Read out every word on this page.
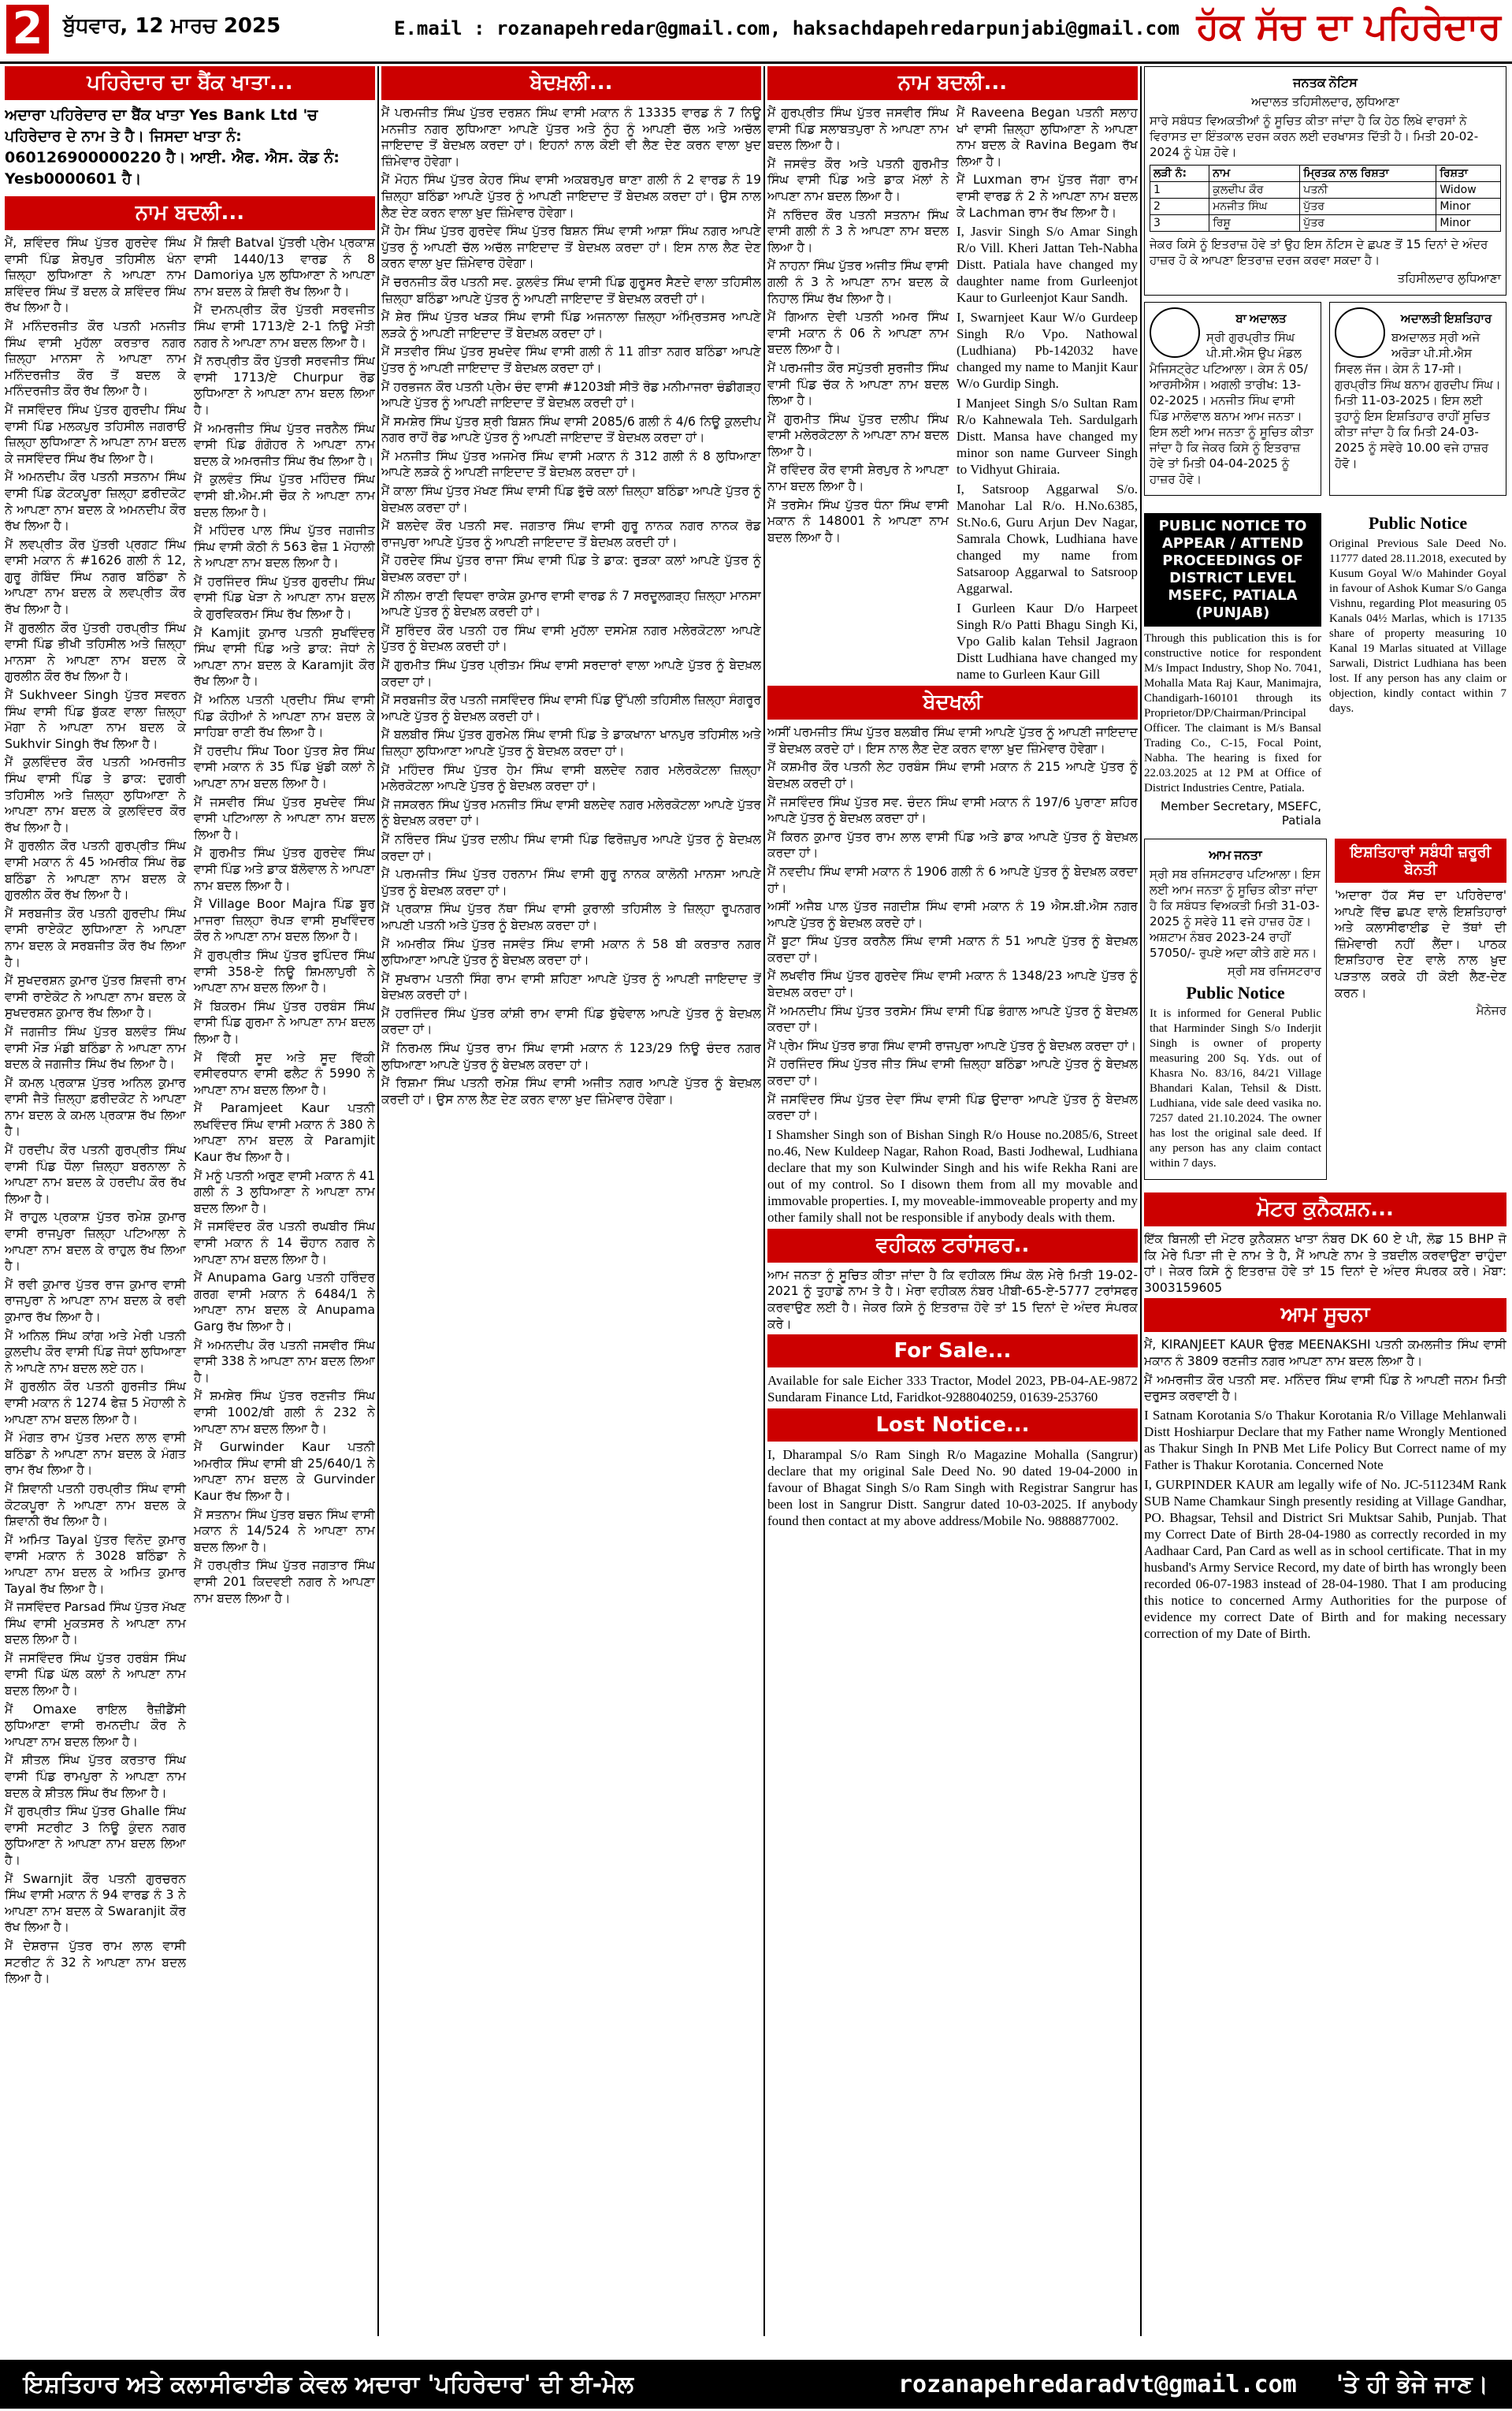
2 ਬੁੱਧਵਾਰ, 12 ਮਾਰਚ 2025	E.mail : rozanapehredar@gmail.com, haksachdapehredarpunjabi@gmail.com ਹੱਕ ਸੱਚ ਦਾ ਪਹਿਰੇਦਾਰ
ਪਹਿਰੇਦਾਰ ਦਾ ਬੈਂਕ ਖਾਤਾ...
ਅਦਾਰਾ ਪਹਿਰੇਦਾਰ ਦਾ ਬੈਂਕ ਖਾਤਾ Yes Bank Ltd 'ਚ ਪਹਿਰੇਦਾਰ ਦੇ ਨਾਮ ਤੇ ਹੈ। ਜਿਸਦਾ ਖਾਤਾ ਨੰ: 060126900000220 ਹੈ। ਆਈ. ਐਫ. ਐਸ. ਕੋਡ ਨੰ: Yesb0000601 ਹੈ।
ਨਾਮ ਬਦਲੀ...
ਮੈਂ, ਸ਼ਵਿੰਦਰ ਸਿੰਘ ਪੁੱਤਰ ਗੁਰਦੇਵ ਸਿੰਘ ਵਾਸੀ ਪਿੰਡ ਸ਼ੇਰਪੁਰ ਤਹਿਸੀਲ ਖੰਨਾ ਜ਼ਿਲ੍ਹਾ ਲੁਧਿਆਣਾ ਨੇ ਆਪਣਾ ਨਾਮ ਸ਼ਵਿੰਦਰ ਸਿੰਘ ਤੋਂ ਬਦਲ ਕੇ ਸ਼ਵਿੰਦਰ ਸਿੰਘ ਰੱਖ ਲਿਆ ਹੈ।
ਮੈਂ ਮਨਿੰਦਰਜੀਤ ਕੌਰ ਪਤਨੀ ਮਨਜੀਤ ਸਿੰਘ ਵਾਸੀ ਮੁਹੱਲਾ ਕਰਤਾਰ ਨਗਰ ਜ਼ਿਲ੍ਹਾ ਮਾਨਸਾ ਨੇ ਆਪਣਾ ਨਾਮ ਮਨਿੰਦਰਜੀਤ ਕੌਰ ਤੋਂ ਬਦਲ ਕੇ ਮਨਿੰਦਰਜੀਤ ਕੌਰ ਰੱਖ ਲਿਆ ਹੈ।
ਮੈਂ ਜਸਵਿੰਦਰ ਸਿੰਘ ਪੁੱਤਰ ਗੁਰਦੀਪ ਸਿੰਘ ਵਾਸੀ ਪਿੰਡ ਮਲਕਪੁਰ ਤਹਿਸੀਲ ਜਗਰਾਓਂ ਜ਼ਿਲ੍ਹਾ ਲੁਧਿਆਣਾ ਨੇ ਆਪਣਾ ਨਾਮ ਬਦਲ ਕੇ ਜਸਵਿੰਦਰ ਸਿੰਘ ਰੱਖ ਲਿਆ ਹੈ।
ਮੈਂ ਅਮਨਦੀਪ ਕੌਰ ਪਤਨੀ ਸਤਨਾਮ ਸਿੰਘ ਵਾਸੀ ਪਿੰਡ ਕੋਟਕਪੂਰਾ ਜ਼ਿਲ੍ਹਾ ਫ਼ਰੀਦਕੋਟ ਨੇ ਆਪਣਾ ਨਾਮ ਬਦਲ ਕੇ ਅਮਨਦੀਪ ਕੌਰ ਰੱਖ ਲਿਆ ਹੈ।
ਮੈਂ ਲਵਪ੍ਰੀਤ ਕੌਰ ਪੁੱਤਰੀ ਪ੍ਰਗਟ ਸਿੰਘ ਵਾਸੀ ਮਕਾਨ ਨੰ #1626 ਗਲੀ ਨੰ 12, ਗੁਰੂ ਗੋਬਿੰਦ ਸਿੰਘ ਨਗਰ ਬਠਿੰਡਾ ਨੇ ਆਪਣਾ ਨਾਮ ਬਦਲ ਕੇ ਲਵਪ੍ਰੀਤ ਕੌਰ ਰੱਖ ਲਿਆ ਹੈ।
ਮੈਂ ਗੁਰਲੀਨ ਕੌਰ ਪੁੱਤਰੀ ਹਰਪ੍ਰੀਤ ਸਿੰਘ ਵਾਸੀ ਪਿੰਡ ਭੀਖੀ ਤਹਿਸੀਲ ਅਤੇ ਜ਼ਿਲ੍ਹਾ ਮਾਨਸਾ ਨੇ ਆਪਣਾ ਨਾਮ ਬਦਲ ਕੇ ਗੁਰਲੀਨ ਕੌਰ ਰੱਖ ਲਿਆ ਹੈ।
ਮੈਂ Sukhveer Singh ਪੁੱਤਰ ਸਵਰਨ ਸਿੰਘ ਵਾਸੀ ਪਿੰਡ ਬੁੱਕਣ ਵਾਲਾ ਜ਼ਿਲ੍ਹਾ ਮੋਗਾ ਨੇ ਆਪਣਾ ਨਾਮ ਬਦਲ ਕੇ Sukhvir Singh ਰੱਖ ਲਿਆ ਹੈ।
ਮੈਂ ਕੁਲਵਿੰਦਰ ਕੌਰ ਪਤਨੀ ਅਮਰਜੀਤ ਸਿੰਘ ਵਾਸੀ ਪਿੰਡ ਤੇ ਡਾਕ: ਦੁਗਰੀ ਤਹਿਸੀਲ ਅਤੇ ਜ਼ਿਲ੍ਹਾ ਲੁਧਿਆਣਾ ਨੇ ਆਪਣਾ ਨਾਮ ਬਦਲ ਕੇ ਕੁਲਵਿੰਦਰ ਕੌਰ ਰੱਖ ਲਿਆ ਹੈ।
ਮੈਂ ਗੁਰਲੀਨ ਕੌਰ ਪਤਨੀ ਗੁਰਪ੍ਰੀਤ ਸਿੰਘ ਵਾਸੀ ਮਕਾਨ ਨੰ 45 ਅਮਰੀਕ ਸਿੰਘ ਰੋਡ ਬਠਿੰਡਾ ਨੇ ਆਪਣਾ ਨਾਮ ਬਦਲ ਕੇ ਗੁਰਲੀਨ ਕੌਰ ਰੱਖ ਲਿਆ ਹੈ।
ਮੈਂ ਸਰਬਜੀਤ ਕੌਰ ਪਤਨੀ ਗੁਰਦੀਪ ਸਿੰਘ ਵਾਸੀ ਰਾਏਕੋਟ ਲੁਧਿਆਣਾ ਨੇ ਆਪਣਾ ਨਾਮ ਬਦਲ ਕੇ ਸਰਬਜੀਤ ਕੌਰ ਰੱਖ ਲਿਆ ਹੈ।
ਮੈਂ ਸੁਖਦਰਸ਼ਨ ਕੁਮਾਰ ਪੁੱਤਰ ਸ਼ਿਵਜੀ ਰਾਮ ਵਾਸੀ ਰਾਏਕੋਟ ਨੇ ਆਪਣਾ ਨਾਮ ਬਦਲ ਕੇ ਸੁਖਦਰਸ਼ਨ ਕੁਮਾਰ ਰੱਖ ਲਿਆ ਹੈ।
ਮੈਂ ਜਗਜੀਤ ਸਿੰਘ ਪੁੱਤਰ ਬਲਵੰਤ ਸਿੰਘ ਵਾਸੀ ਮੌੜ ਮੰਡੀ ਬਠਿੰਡਾ ਨੇ ਆਪਣਾ ਨਾਮ ਬਦਲ ਕੇ ਜਗਜੀਤ ਸਿੰਘ ਰੱਖ ਲਿਆ ਹੈ।
ਮੈਂ ਕਮਲ ਪ੍ਰਕਾਸ਼ ਪੁੱਤਰ ਅਨਿਲ ਕੁਮਾਰ ਵਾਸੀ ਜੈਤੋ ਜ਼ਿਲ੍ਹਾ ਫ਼ਰੀਦਕੋਟ ਨੇ ਆਪਣਾ ਨਾਮ ਬਦਲ ਕੇ ਕਮਲ ਪ੍ਰਕਾਸ਼ ਰੱਖ ਲਿਆ ਹੈ।
ਮੈਂ ਹਰਦੀਪ ਕੌਰ ਪਤਨੀ ਗੁਰਪ੍ਰੀਤ ਸਿੰਘ ਵਾਸੀ ਪਿੰਡ ਧੌਲਾ ਜ਼ਿਲ੍ਹਾ ਬਰਨਾਲਾ ਨੇ ਆਪਣਾ ਨਾਮ ਬਦਲ ਕੇ ਹਰਦੀਪ ਕੌਰ ਰੱਖ ਲਿਆ ਹੈ।
ਮੈਂ ਰਾਹੁਲ ਪ੍ਰਕਾਸ਼ ਪੁੱਤਰ ਰਮੇਸ਼ ਕੁਮਾਰ ਵਾਸੀ ਰਾਜਪੁਰਾ ਜ਼ਿਲ੍ਹਾ ਪਟਿਆਲਾ ਨੇ ਆਪਣਾ ਨਾਮ ਬਦਲ ਕੇ ਰਾਹੁਲ ਰੱਖ ਲਿਆ ਹੈ।
ਮੈਂ ਰਵੀ ਕੁਮਾਰ ਪੁੱਤਰ ਰਾਜ ਕੁਮਾਰ ਵਾਸੀ ਰਾਜਪੁਰਾ ਨੇ ਆਪਣਾ ਨਾਮ ਬਦਲ ਕੇ ਰਵੀ ਕੁਮਾਰ ਰੱਖ ਲਿਆ ਹੈ।
ਮੈਂ ਅਨਿਲ ਸਿੰਘ ਕਾਂਗ ਅਤੇ ਮੇਰੀ ਪਤਨੀ ਕੁਲਦੀਪ ਕੌਰ ਵਾਸੀ ਪਿੰਡ ਜੋਧਾਂ ਲੁਧਿਆਣਾ ਨੇ ਆਪਣੇ ਨਾਮ ਬਦਲ ਲਏ ਹਨ।
ਮੈਂ ਗੁਰਲੀਨ ਕੌਰ ਪਤਨੀ ਗੁਰਜੀਤ ਸਿੰਘ ਵਾਸੀ ਮਕਾਨ ਨੰ 1274 ਫੇਜ਼ 5 ਮੋਹਾਲੀ ਨੇ ਆਪਣਾ ਨਾਮ ਬਦਲ ਲਿਆ ਹੈ।
ਮੈਂ ਮੰਗਤ ਰਾਮ ਪੁੱਤਰ ਮਦਨ ਲਾਲ ਵਾਸੀ ਬਠਿੰਡਾ ਨੇ ਆਪਣਾ ਨਾਮ ਬਦਲ ਕੇ ਮੰਗਤ ਰਾਮ ਰੱਖ ਲਿਆ ਹੈ।
ਮੈਂ ਸ਼ਿਵਾਨੀ ਪਤਨੀ ਹਰਪ੍ਰੀਤ ਸਿੰਘ ਵਾਸੀ ਕੋਟਕਪੂਰਾ ਨੇ ਆਪਣਾ ਨਾਮ ਬਦਲ ਕੇ ਸ਼ਿਵਾਨੀ ਰੱਖ ਲਿਆ ਹੈ।
ਮੈਂ ਅਮਿਤ Tayal ਪੁੱਤਰ ਵਿਨੋਦ ਕੁਮਾਰ ਵਾਸੀ ਮਕਾਨ ਨੰ 3028 ਬਠਿੰਡਾ ਨੇ ਆਪਣਾ ਨਾਮ ਬਦਲ ਕੇ ਅਮਿਤ ਕੁਮਾਰ Tayal ਰੱਖ ਲਿਆ ਹੈ।
ਮੈਂ ਜਸਵਿੰਦਰ Parsad ਸਿੰਘ ਪੁੱਤਰ ਮੱਖਣ ਸਿੰਘ ਵਾਸੀ ਮੁਕਤਸਰ ਨੇ ਆਪਣਾ ਨਾਮ ਬਦਲ ਲਿਆ ਹੈ।
ਮੈਂ ਜਸਵਿੰਦਰ ਸਿੰਘ ਪੁੱਤਰ ਹਰਬੰਸ ਸਿੰਘ ਵਾਸੀ ਪਿੰਡ ਘੱਲ ਕਲਾਂ ਨੇ ਆਪਣਾ ਨਾਮ ਬਦਲ ਲਿਆ ਹੈ।
ਮੈਂ Omaxe ਰਾਇਲ ਰੈਜ਼ੀਡੈਂਸੀ ਲੁਧਿਆਣਾ ਵਾਸੀ ਰਮਨਦੀਪ ਕੌਰ ਨੇ ਆਪਣਾ ਨਾਮ ਬਦਲ ਲਿਆ ਹੈ।
ਮੈਂ ਸ਼ੀਤਲ ਸਿੰਘ ਪੁੱਤਰ ਕਰਤਾਰ ਸਿੰਘ ਵਾਸੀ ਪਿੰਡ ਰਾਮਪੁਰਾ ਨੇ ਆਪਣਾ ਨਾਮ ਬਦਲ ਕੇ ਸ਼ੀਤਲ ਸਿੰਘ ਰੱਖ ਲਿਆ ਹੈ।
ਮੈਂ ਗੁਰਪ੍ਰੀਤ ਸਿੰਘ ਪੁੱਤਰ Ghalle ਸਿੰਘ ਵਾਸੀ ਸਟਰੀਟ 3 ਨਿਊ ਕੁੰਦਨ ਨਗਰ ਲੁਧਿਆਣਾ ਨੇ ਆਪਣਾ ਨਾਮ ਬਦਲ ਲਿਆ ਹੈ।
ਮੈਂ Swarnjit ਕੌਰ ਪਤਨੀ ਗੁਰਚਰਨ ਸਿੰਘ ਵਾਸੀ ਮਕਾਨ ਨੰ 94 ਵਾਰਡ ਨੰ 3 ਨੇ ਆਪਣਾ ਨਾਮ ਬਦਲ ਕੇ Swaranjit ਕੌਰ ਰੱਖ ਲਿਆ ਹੈ।
ਮੈਂ ਦੇਸ਼ਰਾਜ ਪੁੱਤਰ ਰਾਮ ਲਾਲ ਵਾਸੀ ਸਟਰੀਟ ਨੰ 32 ਨੇ ਆਪਣਾ ਨਾਮ ਬਦਲ ਲਿਆ ਹੈ।
ਮੈਂ ਸ਼ਿਵੀ Batval ਪੁੱਤਰੀ ਪ੍ਰੇਮ ਪ੍ਰਕਾਸ਼ ਵਾਸੀ 1440/13 ਵਾਰਡ ਨੰ 8 Damoriya ਪੁਲ ਲੁਧਿਆਣਾ ਨੇ ਆਪਣਾ ਨਾਮ ਬਦਲ ਕੇ ਸ਼ਿਵੀ ਰੱਖ ਲਿਆ ਹੈ।
ਮੈਂ ਦਮਨਪ੍ਰੀਤ ਕੌਰ ਪੁੱਤਰੀ ਸਰਵਜੀਤ ਸਿੰਘ ਵਾਸੀ 1713/ਏ 2-1 ਨਿਊ ਮੋਤੀ ਨਗਰ ਨੇ ਆਪਣਾ ਨਾਮ ਬਦਲ ਲਿਆ ਹੈ।
ਮੈਂ ਨਰਪ੍ਰੀਤ ਕੌਰ ਪੁੱਤਰੀ ਸਰਵਜੀਤ ਸਿੰਘ ਵਾਸੀ 1713/ਏ Churpur ਰੋਡ ਲੁਧਿਆਣਾ ਨੇ ਆਪਣਾ ਨਾਮ ਬਦਲ ਲਿਆ ਹੈ।
ਮੈਂ ਅਮਰਜੀਤ ਸਿੰਘ ਪੁੱਤਰ ਜਰਨੈਲ ਸਿੰਘ ਵਾਸੀ ਪਿੰਡ ਗੰਗੋਹਰ ਨੇ ਆਪਣਾ ਨਾਮ ਬਦਲ ਕੇ ਅਮਰਜੀਤ ਸਿੰਘ ਰੱਖ ਲਿਆ ਹੈ।
ਮੈਂ ਕੁਲਵੰਤ ਸਿੰਘ ਪੁੱਤਰ ਮਹਿੰਦਰ ਸਿੰਘ ਵਾਸੀ ਬੀ.ਐਮ.ਸੀ ਚੌਕ ਨੇ ਆਪਣਾ ਨਾਮ ਬਦਲ ਲਿਆ ਹੈ।
ਮੈਂ ਮਹਿੰਦਰ ਪਾਲ ਸਿੰਘ ਪੁੱਤਰ ਜਗਜੀਤ ਸਿੰਘ ਵਾਸੀ ਕੋਠੀ ਨੰ 563 ਫੇਜ਼ 1 ਮੋਹਾਲੀ ਨੇ ਆਪਣਾ ਨਾਮ ਬਦਲ ਲਿਆ ਹੈ।
ਮੈਂ ਹਰਜਿੰਦਰ ਸਿੰਘ ਪੁੱਤਰ ਗੁਰਦੀਪ ਸਿੰਘ ਵਾਸੀ ਪਿੰਡ ਖੇੜਾ ਨੇ ਆਪਣਾ ਨਾਮ ਬਦਲ ਕੇ ਗੁਰਵਿਕਰਮ ਸਿੰਘ ਰੱਖ ਲਿਆ ਹੈ।
ਮੈਂ Kamjit ਕੁਮਾਰ ਪਤਨੀ ਸੁਖਵਿੰਦਰ ਸਿੰਘ ਵਾਸੀ ਪਿੰਡ ਅਤੇ ਡਾਕ: ਜੋਧਾਂ ਨੇ ਆਪਣਾ ਨਾਮ ਬਦਲ ਕੇ Karamjit ਕੌਰ ਰੱਖ ਲਿਆ ਹੈ।
ਮੈਂ ਅਨਿਲ ਪਤਨੀ ਪ੍ਰਦੀਪ ਸਿੰਘ ਵਾਸੀ ਪਿੰਡ ਕੋਹੀਆਂ ਨੇ ਆਪਣਾ ਨਾਮ ਬਦਲ ਕੇ ਸਾਹਿਬਾ ਰਾਣੀ ਰੱਖ ਲਿਆ ਹੈ।
ਮੈਂ ਹਰਦੀਪ ਸਿੰਘ Toor ਪੁੱਤਰ ਸ਼ੇਰ ਸਿੰਘ ਵਾਸੀ ਮਕਾਨ ਨੰ 35 ਪਿੰਡ ਖੁੱਡੀ ਕਲਾਂ ਨੇ ਆਪਣਾ ਨਾਮ ਬਦਲ ਲਿਆ ਹੈ।
ਮੈਂ ਜਸਵੀਰ ਸਿੰਘ ਪੁੱਤਰ ਸੁਖਦੇਵ ਸਿੰਘ ਵਾਸੀ ਪਟਿਆਲਾ ਨੇ ਆਪਣਾ ਨਾਮ ਬਦਲ ਲਿਆ ਹੈ।
ਮੈਂ ਗੁਰਮੀਤ ਸਿੰਘ ਪੁੱਤਰ ਗੁਰਦੇਵ ਸਿੰਘ ਵਾਸੀ ਪਿੰਡ ਅਤੇ ਡਾਕ ਬੱਲੋਵਾਲ ਨੇ ਆਪਣਾ ਨਾਮ ਬਦਲ ਲਿਆ ਹੈ।
ਮੈਂ Village Boor Majra ਪਿੰਡ ਬੂਰ ਮਾਜਰਾ ਜ਼ਿਲ੍ਹਾ ਰੋਪੜ ਵਾਸੀ ਸੁਖਵਿੰਦਰ ਕੌਰ ਨੇ ਆਪਣਾ ਨਾਮ ਬਦਲ ਲਿਆ ਹੈ।
ਮੈਂ ਗੁਰਪ੍ਰੀਤ ਸਿੰਘ ਪੁੱਤਰ ਭੁਪਿੰਦਰ ਸਿੰਘ ਵਾਸੀ 358-ਏ ਨਿਊ ਸ਼ਿਮਲਾਪੁਰੀ ਨੇ ਆਪਣਾ ਨਾਮ ਬਦਲ ਲਿਆ ਹੈ।
ਮੈਂ ਬਿਕਰਮ ਸਿੰਘ ਪੁੱਤਰ ਹਰਬੰਸ ਸਿੰਘ ਵਾਸੀ ਪਿੰਡ ਗੁਰਮਾ ਨੇ ਆਪਣਾ ਨਾਮ ਬਦਲ ਲਿਆ ਹੈ।
ਮੈਂ ਵਿੱਕੀ ਸੂਦ ਅਤੇ ਸੂਦ ਵਿੱਕੀ ਵਸੀਵਰਧਾਨ ਵਾਸੀ ਫਲੈਟ ਨੰ 5990 ਨੇ ਆਪਣਾ ਨਾਮ ਬਦਲ ਲਿਆ ਹੈ।
ਮੈਂ Paramjeet Kaur ਪਤਨੀ ਲਖਵਿੰਦਰ ਸਿੰਘ ਵਾਸੀ ਮਕਾਨ ਨੰ 380 ਨੇ ਆਪਣਾ ਨਾਮ ਬਦਲ ਕੇ Paramjit Kaur ਰੱਖ ਲਿਆ ਹੈ।
ਮੈਂ ਮਨੂੰ ਪਤਨੀ ਅਰੁਣ ਵਾਸੀ ਮਕਾਨ ਨੰ 41 ਗਲੀ ਨੰ 3 ਲੁਧਿਆਣਾ ਨੇ ਆਪਣਾ ਨਾਮ ਬਦਲ ਲਿਆ ਹੈ।
ਮੈਂ ਜਸਵਿੰਦਰ ਕੌਰ ਪਤਨੀ ਰਘਬੀਰ ਸਿੰਘ ਵਾਸੀ ਮਕਾਨ ਨੰ 14 ਚੌਹਾਨ ਨਗਰ ਨੇ ਆਪਣਾ ਨਾਮ ਬਦਲ ਲਿਆ ਹੈ।
ਮੈਂ Anupama Garg ਪਤਨੀ ਹਰਿੰਦਰ ਗਰਗ ਵਾਸੀ ਮਕਾਨ ਨੰ 6484/1 ਨੇ ਆਪਣਾ ਨਾਮ ਬਦਲ ਕੇ Anupama Garg ਰੱਖ ਲਿਆ ਹੈ।
ਮੈਂ ਅਮਨਦੀਪ ਕੌਰ ਪਤਨੀ ਜਸਵੀਰ ਸਿੰਘ ਵਾਸੀ 338 ਨੇ ਆਪਣਾ ਨਾਮ ਬਦਲ ਲਿਆ ਹੈ।
ਮੈਂ ਸ਼ਮਸ਼ੇਰ ਸਿੰਘ ਪੁੱਤਰ ਰਣਜੀਤ ਸਿੰਘ ਵਾਸੀ 1002/ਬੀ ਗਲੀ ਨੰ 232 ਨੇ ਆਪਣਾ ਨਾਮ ਬਦਲ ਲਿਆ ਹੈ।
ਮੈਂ Gurwinder Kaur ਪਤਨੀ ਅਮਰੀਕ ਸਿੰਘ ਵਾਸੀ ਬੀ 25/640/1 ਨੇ ਆਪਣਾ ਨਾਮ ਬਦਲ ਕੇ Gurvinder Kaur ਰੱਖ ਲਿਆ ਹੈ।
ਮੈਂ ਸਤਨਾਮ ਸਿੰਘ ਪੁੱਤਰ ਬਚਨ ਸਿੰਘ ਵਾਸੀ ਮਕਾਨ ਨੰ 14/524 ਨੇ ਆਪਣਾ ਨਾਮ ਬਦਲ ਲਿਆ ਹੈ।
ਮੈਂ ਹਰਪ੍ਰੀਤ ਸਿੰਘ ਪੁੱਤਰ ਜਗਤਾਰ ਸਿੰਘ ਵਾਸੀ 201 ਕਿਦਵਈ ਨਗਰ ਨੇ ਆਪਣਾ ਨਾਮ ਬਦਲ ਲਿਆ ਹੈ।
ਬੇਦਖ਼ਲੀ...
ਮੈਂ ਪਰਮਜੀਤ ਸਿੰਘ ਪੁੱਤਰ ਦਰਸ਼ਨ ਸਿੰਘ ਵਾਸੀ ਮਕਾਨ ਨੰ 13335 ਵਾਰਡ ਨੰ 7 ਨਿਊ ਮਨਜੀਤ ਨਗਰ ਲੁਧਿਆਣਾ ਆਪਣੇ ਪੁੱਤਰ ਅਤੇ ਨੂੰਹ ਨੂੰ ਆਪਣੀ ਚੱਲ ਅਤੇ ਅਚੱਲ ਜਾਇਦਾਦ ਤੋਂ ਬੇਦਖ਼ਲ ਕਰਦਾ ਹਾਂ। ਇਹਨਾਂ ਨਾਲ ਕੋਈ ਵੀ ਲੈਣ ਦੇਣ ਕਰਨ ਵਾਲਾ ਖ਼ੁਦ ਜ਼ਿੰਮੇਵਾਰ ਹੋਵੇਗਾ।
ਮੈਂ ਮੋਹਨ ਸਿੰਘ ਪੁੱਤਰ ਕੇਹਰ ਸਿੰਘ ਵਾਸੀ ਅਕਬਰਪੁਰ ਥਾਣਾ ਗਲੀ ਨੰ 2 ਵਾਰਡ ਨੰ 19 ਜ਼ਿਲ੍ਹਾ ਬਠਿੰਡਾ ਆਪਣੇ ਪੁੱਤਰ ਨੂੰ ਆਪਣੀ ਜਾਇਦਾਦ ਤੋਂ ਬੇਦਖ਼ਲ ਕਰਦਾ ਹਾਂ। ਉਸ ਨਾਲ ਲੈਣ ਦੇਣ ਕਰਨ ਵਾਲਾ ਖ਼ੁਦ ਜ਼ਿੰਮੇਵਾਰ ਹੋਵੇਗਾ।
ਮੈਂ ਹੇਮ ਸਿੰਘ ਪੁੱਤਰ ਗੁਰਦੇਵ ਸਿੰਘ ਪੁੱਤਰ ਬਿਸ਼ਨ ਸਿੰਘ ਵਾਸੀ ਆਸ਼ਾ ਸਿੰਘ ਨਗਰ ਆਪਣੇ ਪੁੱਤਰ ਨੂੰ ਆਪਣੀ ਚੱਲ ਅਚੱਲ ਜਾਇਦਾਦ ਤੋਂ ਬੇਦਖ਼ਲ ਕਰਦਾ ਹਾਂ। ਇਸ ਨਾਲ ਲੈਣ ਦੇਣ ਕਰਨ ਵਾਲਾ ਖ਼ੁਦ ਜ਼ਿੰਮੇਵਾਰ ਹੋਵੇਗਾ।
ਮੈਂ ਚਰਨਜੀਤ ਕੌਰ ਪਤਨੀ ਸਵ. ਕੁਲਵੰਤ ਸਿੰਘ ਵਾਸੀ ਪਿੰਡ ਗੁਰੂਸਰ ਸੈਣਦੇ ਵਾਲਾ ਤਹਿਸੀਲ ਜ਼ਿਲ੍ਹਾ ਬਠਿੰਡਾ ਆਪਣੇ ਪੁੱਤਰ ਨੂੰ ਆਪਣੀ ਜਾਇਦਾਦ ਤੋਂ ਬੇਦਖ਼ਲ ਕਰਦੀ ਹਾਂ।
ਮੈਂ ਸ਼ੇਰ ਸਿੰਘ ਪੁੱਤਰ ਖੜਕ ਸਿੰਘ ਵਾਸੀ ਪਿੰਡ ਅਜਨਾਲਾ ਜ਼ਿਲ੍ਹਾ ਅੰਮ੍ਰਿਤਸਰ ਆਪਣੇ ਲੜਕੇ ਨੂੰ ਆਪਣੀ ਜਾਇਦਾਦ ਤੋਂ ਬੇਦਖ਼ਲ ਕਰਦਾ ਹਾਂ।
ਮੈਂ ਸਤਵੀਰ ਸਿੰਘ ਪੁੱਤਰ ਸੁਖਦੇਵ ਸਿੰਘ ਵਾਸੀ ਗਲੀ ਨੰ 11 ਗੀਤਾ ਨਗਰ ਬਠਿੰਡਾ ਆਪਣੇ ਪੁੱਤਰ ਨੂੰ ਆਪਣੀ ਜਾਇਦਾਦ ਤੋਂ ਬੇਦਖ਼ਲ ਕਰਦਾ ਹਾਂ।
ਮੈਂ ਹਰਭਜਨ ਕੌਰ ਪਤਨੀ ਪ੍ਰੇਮ ਚੰਦ ਵਾਸੀ #1203ਬੀ ਸੀਤੋ ਰੋਡ ਮਨੀਮਾਜਰਾ ਚੰਡੀਗੜ੍ਹ ਆਪਣੇ ਪੁੱਤਰ ਨੂੰ ਆਪਣੀ ਜਾਇਦਾਦ ਤੋਂ ਬੇਦਖ਼ਲ ਕਰਦੀ ਹਾਂ।
ਮੈਂ ਸਮਸ਼ੇਰ ਸਿੰਘ ਪੁੱਤਰ ਸ਼੍ਰੀ ਬਿਸ਼ਨ ਸਿੰਘ ਵਾਸੀ 2085/6 ਗਲੀ ਨੰ 4/6 ਨਿਊ ਕੁਲਦੀਪ ਨਗਰ ਰਾਹੋਂ ਰੋਡ ਆਪਣੇ ਪੁੱਤਰ ਨੂੰ ਆਪਣੀ ਜਾਇਦਾਦ ਤੋਂ ਬੇਦਖ਼ਲ ਕਰਦਾ ਹਾਂ।
ਮੈਂ ਮਨਜੀਤ ਸਿੰਘ ਪੁੱਤਰ ਅਜਮੇਰ ਸਿੰਘ ਵਾਸੀ ਮਕਾਨ ਨੰ 312 ਗਲੀ ਨੰ 8 ਲੁਧਿਆਣਾ ਆਪਣੇ ਲੜਕੇ ਨੂੰ ਆਪਣੀ ਜਾਇਦਾਦ ਤੋਂ ਬੇਦਖ਼ਲ ਕਰਦਾ ਹਾਂ।
ਮੈਂ ਕਾਲਾ ਸਿੰਘ ਪੁੱਤਰ ਮੱਖਣ ਸਿੰਘ ਵਾਸੀ ਪਿੰਡ ਭੁੱਚੋ ਕਲਾਂ ਜ਼ਿਲ੍ਹਾ ਬਠਿੰਡਾ ਆਪਣੇ ਪੁੱਤਰ ਨੂੰ ਬੇਦਖ਼ਲ ਕਰਦਾ ਹਾਂ।
ਮੈਂ ਬਲਦੇਵ ਕੌਰ ਪਤਨੀ ਸਵ. ਜਗਤਾਰ ਸਿੰਘ ਵਾਸੀ ਗੁਰੂ ਨਾਨਕ ਨਗਰ ਨਾਨਕ ਰੋਡ ਰਾਜਪੁਰਾ ਆਪਣੇ ਪੁੱਤਰ ਨੂੰ ਆਪਣੀ ਜਾਇਦਾਦ ਤੋਂ ਬੇਦਖ਼ਲ ਕਰਦੀ ਹਾਂ।
ਮੈਂ ਹਰਦੇਵ ਸਿੰਘ ਪੁੱਤਰ ਰਾਜਾ ਸਿੰਘ ਵਾਸੀ ਪਿੰਡ ਤੇ ਡਾਕ: ਰੁੜਕਾ ਕਲਾਂ ਆਪਣੇ ਪੁੱਤਰ ਨੂੰ ਬੇਦਖ਼ਲ ਕਰਦਾ ਹਾਂ।
ਮੈਂ ਨੀਲਮ ਰਾਣੀ ਵਿਧਵਾ ਰਾਕੇਸ਼ ਕੁਮਾਰ ਵਾਸੀ ਵਾਰਡ ਨੰ 7 ਸਰਦੂਲਗੜ੍ਹ ਜ਼ਿਲ੍ਹਾ ਮਾਨਸਾ ਆਪਣੇ ਪੁੱਤਰ ਨੂੰ ਬੇਦਖ਼ਲ ਕਰਦੀ ਹਾਂ।
ਮੈਂ ਸੁਰਿੰਦਰ ਕੌਰ ਪਤਨੀ ਹਰ ਸਿੰਘ ਵਾਸੀ ਮੁਹੱਲਾ ਦਸਮੇਸ਼ ਨਗਰ ਮਲੇਰਕੋਟਲਾ ਆਪਣੇ ਪੁੱਤਰ ਨੂੰ ਬੇਦਖ਼ਲ ਕਰਦੀ ਹਾਂ।
ਮੈਂ ਗੁਰਮੀਤ ਸਿੰਘ ਪੁੱਤਰ ਪ੍ਰੀਤਮ ਸਿੰਘ ਵਾਸੀ ਸਰਦਾਰਾਂ ਵਾਲਾ ਆਪਣੇ ਪੁੱਤਰ ਨੂੰ ਬੇਦਖ਼ਲ ਕਰਦਾ ਹਾਂ।
ਮੈਂ ਸਰਬਜੀਤ ਕੌਰ ਪਤਨੀ ਜਸਵਿੰਦਰ ਸਿੰਘ ਵਾਸੀ ਪਿੰਡ ਉੱਪਲੀ ਤਹਿਸੀਲ ਜ਼ਿਲ੍ਹਾ ਸੰਗਰੂਰ ਆਪਣੇ ਪੁੱਤਰ ਨੂੰ ਬੇਦਖ਼ਲ ਕਰਦੀ ਹਾਂ।
ਮੈਂ ਬਲਬੀਰ ਸਿੰਘ ਪੁੱਤਰ ਗੁਰਮੇਲ ਸਿੰਘ ਵਾਸੀ ਪਿੰਡ ਤੇ ਡਾਕਖਾਨਾ ਖਾਨਪੁਰ ਤਹਿਸੀਲ ਅਤੇ ਜ਼ਿਲ੍ਹਾ ਲੁਧਿਆਣਾ ਆਪਣੇ ਪੁੱਤਰ ਨੂੰ ਬੇਦਖ਼ਲ ਕਰਦਾ ਹਾਂ।
ਮੈਂ ਮਹਿੰਦਰ ਸਿੰਘ ਪੁੱਤਰ ਹੇਮ ਸਿੰਘ ਵਾਸੀ ਬਲਦੇਵ ਨਗਰ ਮਲੇਰਕੋਟਲਾ ਜ਼ਿਲ੍ਹਾ ਮਲੇਰਕੋਟਲਾ ਆਪਣੇ ਪੁੱਤਰ ਨੂੰ ਬੇਦਖ਼ਲ ਕਰਦਾ ਹਾਂ।
ਮੈਂ ਜਸਕਰਨ ਸਿੰਘ ਪੁੱਤਰ ਮਨਜੀਤ ਸਿੰਘ ਵਾਸੀ ਬਲਦੇਵ ਨਗਰ ਮਲੇਰਕੋਟਲਾ ਆਪਣੇ ਪੁੱਤਰ ਨੂੰ ਬੇਦਖ਼ਲ ਕਰਦਾ ਹਾਂ।
ਮੈਂ ਨਰਿੰਦਰ ਸਿੰਘ ਪੁੱਤਰ ਦਲੀਪ ਸਿੰਘ ਵਾਸੀ ਪਿੰਡ ਫਿਰੋਜ਼ਪੁਰ ਆਪਣੇ ਪੁੱਤਰ ਨੂੰ ਬੇਦਖ਼ਲ ਕਰਦਾ ਹਾਂ।
ਮੈਂ ਪਰਮਜੀਤ ਸਿੰਘ ਪੁੱਤਰ ਹਰਨਾਮ ਸਿੰਘ ਵਾਸੀ ਗੁਰੂ ਨਾਨਕ ਕਾਲੋਨੀ ਮਾਨਸਾ ਆਪਣੇ ਪੁੱਤਰ ਨੂੰ ਬੇਦਖ਼ਲ ਕਰਦਾ ਹਾਂ।
ਮੈਂ ਪ੍ਰਕਾਸ਼ ਸਿੰਘ ਪੁੱਤਰ ਨੱਥਾ ਸਿੰਘ ਵਾਸੀ ਕੁਰਾਲੀ ਤਹਿਸੀਲ ਤੇ ਜ਼ਿਲ੍ਹਾ ਰੂਪਨਗਰ ਆਪਣੀ ਪਤਨੀ ਅਤੇ ਪੁੱਤਰ ਨੂੰ ਬੇਦਖ਼ਲ ਕਰਦਾ ਹਾਂ।
ਮੈਂ ਅਮਰੀਕ ਸਿੰਘ ਪੁੱਤਰ ਜਸਵੰਤ ਸਿੰਘ ਵਾਸੀ ਮਕਾਨ ਨੰ 58 ਬੀ ਕਰਤਾਰ ਨਗਰ ਲੁਧਿਆਣਾ ਆਪਣੇ ਪੁੱਤਰ ਨੂੰ ਬੇਦਖ਼ਲ ਕਰਦਾ ਹਾਂ।
ਮੈਂ ਸੁਖਰਾਮ ਪਤਨੀ ਸਿੰਗ ਰਾਮ ਵਾਸੀ ਸ਼ਹਿਣਾ ਆਪਣੇ ਪੁੱਤਰ ਨੂੰ ਆਪਣੀ ਜਾਇਦਾਦ ਤੋਂ ਬੇਦਖ਼ਲ ਕਰਦੀ ਹਾਂ।
ਮੈਂ ਹਰਜਿੰਦਰ ਸਿੰਘ ਪੁੱਤਰ ਕਾਂਸ਼ੀ ਰਾਮ ਵਾਸੀ ਪਿੰਡ ਬੁੱਢੇਵਾਲ ਆਪਣੇ ਪੁੱਤਰ ਨੂੰ ਬੇਦਖ਼ਲ ਕਰਦਾ ਹਾਂ।
ਮੈਂ ਨਿਰਮਲ ਸਿੰਘ ਪੁੱਤਰ ਰਾਮ ਸਿੰਘ ਵਾਸੀ ਮਕਾਨ ਨੰ 123/29 ਨਿਊ ਚੰਦਰ ਨਗਰ ਲੁਧਿਆਣਾ ਆਪਣੇ ਪੁੱਤਰ ਨੂੰ ਬੇਦਖ਼ਲ ਕਰਦਾ ਹਾਂ।
ਮੈਂ ਰਿਸ਼ਮਾ ਸਿੰਘ ਪਤਨੀ ਰਮੇਸ਼ ਸਿੰਘ ਵਾਸੀ ਅਜੀਤ ਨਗਰ ਆਪਣੇ ਪੁੱਤਰ ਨੂੰ ਬੇਦਖ਼ਲ ਕਰਦੀ ਹਾਂ। ਉਸ ਨਾਲ ਲੈਣ ਦੇਣ ਕਰਨ ਵਾਲਾ ਖ਼ੁਦ ਜ਼ਿੰਮੇਵਾਰ ਹੋਵੇਗਾ।
ਨਾਮ ਬਦਲੀ...
ਮੈਂ ਗੁਰਪ੍ਰੀਤ ਸਿੰਘ ਪੁੱਤਰ ਜਸਵੀਰ ਸਿੰਘ ਵਾਸੀ ਪਿੰਡ ਸਲਾਬਤਪੁਰਾ ਨੇ ਆਪਣਾ ਨਾਮ ਬਦਲ ਲਿਆ ਹੈ।
ਮੈਂ ਜਸਵੰਤ ਕੌਰ ਅਤੇ ਪਤਨੀ ਗੁਰਮੀਤ ਸਿੰਘ ਵਾਸੀ ਪਿੰਡ ਅਤੇ ਡਾਕ ਮੱਲਾਂ ਨੇ ਆਪਣਾ ਨਾਮ ਬਦਲ ਲਿਆ ਹੈ।
ਮੈਂ ਨਰਿੰਦਰ ਕੌਰ ਪਤਨੀ ਸਤਨਾਮ ਸਿੰਘ ਵਾਸੀ ਗਲੀ ਨੰ 3 ਨੇ ਆਪਣਾ ਨਾਮ ਬਦਲ ਲਿਆ ਹੈ।
ਮੈਂ ਨਾਹਨਾ ਸਿੰਘ ਪੁੱਤਰ ਅਜੀਤ ਸਿੰਘ ਵਾਸੀ ਗਲੀ ਨੰ 3 ਨੇ ਆਪਣਾ ਨਾਮ ਬਦਲ ਕੇ ਨਿਹਾਲ ਸਿੰਘ ਰੱਖ ਲਿਆ ਹੈ।
ਮੈਂ ਗਿਆਨ ਦੇਵੀ ਪਤਨੀ ਅਮਰ ਸਿੰਘ ਵਾਸੀ ਮਕਾਨ ਨੰ 06 ਨੇ ਆਪਣਾ ਨਾਮ ਬਦਲ ਲਿਆ ਹੈ।
ਮੈਂ ਪਰਮਜੀਤ ਕੌਰ ਸਪੁੱਤਰੀ ਸੁਰਜੀਤ ਸਿੰਘ ਵਾਸੀ ਪਿੰਡ ਚੱਕ ਨੇ ਆਪਣਾ ਨਾਮ ਬਦਲ ਲਿਆ ਹੈ।
ਮੈਂ ਗੁਰਮੀਤ ਸਿੰਘ ਪੁੱਤਰ ਦਲੀਪ ਸਿੰਘ ਵਾਸੀ ਮਲੇਰਕੋਟਲਾ ਨੇ ਆਪਣਾ ਨਾਮ ਬਦਲ ਲਿਆ ਹੈ।
ਮੈਂ ਰਵਿੰਦਰ ਕੌਰ ਵਾਸੀ ਸ਼ੇਰਪੁਰ ਨੇ ਆਪਣਾ ਨਾਮ ਬਦਲ ਲਿਆ ਹੈ।
ਮੈਂ ਤਰਸੇਮ ਸਿੰਘ ਪੁੱਤਰ ਧੰਨਾ ਸਿੰਘ ਵਾਸੀ ਮਕਾਨ ਨੰ 148001 ਨੇ ਆਪਣਾ ਨਾਮ ਬਦਲ ਲਿਆ ਹੈ।
ਮੈਂ Raveena Began ਪਤਨੀ ਸਲਾਹ ਖਾਂ ਵਾਸੀ ਜ਼ਿਲ੍ਹਾ ਲੁਧਿਆਣਾ ਨੇ ਆਪਣਾ ਨਾਮ ਬਦਲ ਕੇ Ravina Begam ਰੱਖ ਲਿਆ ਹੈ।
ਮੈਂ Luxman ਰਾਮ ਪੁੱਤਰ ਜੱਗਾ ਰਾਮ ਵਾਸੀ ਵਾਰਡ ਨੰ 2 ਨੇ ਆਪਣਾ ਨਾਮ ਬਦਲ ਕੇ Lachman ਰਾਮ ਰੱਖ ਲਿਆ ਹੈ।
I, Jasvir Singh S/o Amar Singh R/o Vill. Kheri Jattan Teh-Nabha Distt. Patiala have changed my daughter name from Gurleenjot Kaur to Gurleenjot Kaur Sandh.
I, Swarnjeet Kaur W/o Gurdeep Singh R/o Vpo. Nathowal (Ludhiana) Pb-142032 have changed my name to Manjit Kaur W/o Gurdip Singh.
I Manjeet Singh S/o Sultan Ram R/o Kahnewala Teh. Sardulgarh Distt. Mansa have changed my minor son name Gurveer Singh to Vidhyut Ghiraia.
I, Satsroop Aggarwal S/o. Manohar Lal R/o. H.No.6385, St.No.6, Guru Arjun Dev Nagar, Samrala Chowk, Ludhiana have changed my name from Satsaroop Aggarwal to Satsroop Aggarwal.
I Gurleen Kaur D/o Harpeet Singh R/o Patti Bhagu Singh Ki, Vpo Galib kalan Tehsil Jagraon Distt Ludhiana have changed my name to Gurleen Kaur Gill
ਬੇਦਖਲੀ
ਅਸੀਂ ਪਰਮਜੀਤ ਸਿੰਘ ਪੁੱਤਰ ਬਲਬੀਰ ਸਿੰਘ ਵਾਸੀ ਆਪਣੇ ਪੁੱਤਰ ਨੂੰ ਆਪਣੀ ਜਾਇਦਾਦ ਤੋਂ ਬੇਦਖ਼ਲ ਕਰਦੇ ਹਾਂ। ਇਸ ਨਾਲ ਲੈਣ ਦੇਣ ਕਰਨ ਵਾਲਾ ਖ਼ੁਦ ਜ਼ਿੰਮੇਵਾਰ ਹੋਵੇਗਾ।
ਮੈਂ ਕਸ਼ਮੀਰ ਕੌਰ ਪਤਨੀ ਲੇਟ ਹਰਬੰਸ ਸਿੰਘ ਵਾਸੀ ਮਕਾਨ ਨੰ 215 ਆਪਣੇ ਪੁੱਤਰ ਨੂੰ ਬੇਦਖ਼ਲ ਕਰਦੀ ਹਾਂ।
ਮੈਂ ਜਸਵਿੰਦਰ ਸਿੰਘ ਪੁੱਤਰ ਸਵ. ਚੰਦਨ ਸਿੰਘ ਵਾਸੀ ਮਕਾਨ ਨੰ 197/6 ਪੁਰਾਣਾ ਸ਼ਹਿਰ ਆਪਣੇ ਪੁੱਤਰ ਨੂੰ ਬੇਦਖ਼ਲ ਕਰਦਾ ਹਾਂ।
ਮੈਂ ਕਿਰਨ ਕੁਮਾਰ ਪੁੱਤਰ ਰਾਮ ਲਾਲ ਵਾਸੀ ਪਿੰਡ ਅਤੇ ਡਾਕ ਆਪਣੇ ਪੁੱਤਰ ਨੂੰ ਬੇਦਖ਼ਲ ਕਰਦਾ ਹਾਂ।
ਮੈਂ ਨਵਦੀਪ ਸਿੰਘ ਵਾਸੀ ਮਕਾਨ ਨੰ 1906 ਗਲੀ ਨੰ 6 ਆਪਣੇ ਪੁੱਤਰ ਨੂੰ ਬੇਦਖ਼ਲ ਕਰਦਾ ਹਾਂ।
ਅਸੀਂ ਅਜੈਬ ਪਾਲ ਪੁੱਤਰ ਜਗਦੀਸ਼ ਸਿੰਘ ਵਾਸੀ ਮਕਾਨ ਨੰ 19 ਐਸ.ਬੀ.ਐਸ ਨਗਰ ਆਪਣੇ ਪੁੱਤਰ ਨੂੰ ਬੇਦਖ਼ਲ ਕਰਦੇ ਹਾਂ।
ਮੈਂ ਬੂਟਾ ਸਿੰਘ ਪੁੱਤਰ ਕਰਨੈਲ ਸਿੰਘ ਵਾਸੀ ਮਕਾਨ ਨੰ 51 ਆਪਣੇ ਪੁੱਤਰ ਨੂੰ ਬੇਦਖ਼ਲ ਕਰਦਾ ਹਾਂ।
ਮੈਂ ਲਖਵੀਰ ਸਿੰਘ ਪੁੱਤਰ ਗੁਰਦੇਵ ਸਿੰਘ ਵਾਸੀ ਮਕਾਨ ਨੰ 1348/23 ਆਪਣੇ ਪੁੱਤਰ ਨੂੰ ਬੇਦਖ਼ਲ ਕਰਦਾ ਹਾਂ।
ਮੈਂ ਅਮਨਦੀਪ ਸਿੰਘ ਪੁੱਤਰ ਤਰਸੇਮ ਸਿੰਘ ਵਾਸੀ ਪਿੰਡ ਭੰਗਾਲ ਆਪਣੇ ਪੁੱਤਰ ਨੂੰ ਬੇਦਖ਼ਲ ਕਰਦਾ ਹਾਂ।
ਮੈਂ ਪ੍ਰੇਮ ਸਿੰਘ ਪੁੱਤਰ ਭਾਗ ਸਿੰਘ ਵਾਸੀ ਰਾਜਪੁਰਾ ਆਪਣੇ ਪੁੱਤਰ ਨੂੰ ਬੇਦਖ਼ਲ ਕਰਦਾ ਹਾਂ।
ਮੈਂ ਹਰਜਿੰਦਰ ਸਿੰਘ ਪੁੱਤਰ ਜੀਤ ਸਿੰਘ ਵਾਸੀ ਜ਼ਿਲ੍ਹਾ ਬਠਿੰਡਾ ਆਪਣੇ ਪੁੱਤਰ ਨੂੰ ਬੇਦਖ਼ਲ ਕਰਦਾ ਹਾਂ।
ਮੈਂ ਜਸਵਿੰਦਰ ਸਿੰਘ ਪੁੱਤਰ ਦੇਵਾ ਸਿੰਘ ਵਾਸੀ ਪਿੰਡ ਉਦਾਰਾ ਆਪਣੇ ਪੁੱਤਰ ਨੂੰ ਬੇਦਖ਼ਲ ਕਰਦਾ ਹਾਂ।
I Shamsher Singh son of Bishan Singh R/o House no.2085/6, Street no.46, New Kuldeep Nagar, Rahon Road, Basti Jodhewal, Ludhiana declare that my son Kulwinder Singh and his wife Rekha Rani are out of my control. So I disown them from all my movable and immovable properties. I, my moveable-immoveable property and my other family shall not be responsible if anybody deals with them.
ਵਹੀਕਲ ਟਰਾਂਸਫਰ..
ਆਮ ਜਨਤਾ ਨੂੰ ਸੂਚਿਤ ਕੀਤਾ ਜਾਂਦਾ ਹੈ ਕਿ ਵਹੀਕਲ ਸਿੰਘ ਕੋਲ ਮੇਰੇ ਮਿਤੀ 19-02-2021 ਨੂੰ ਤੁਹਾਡੇ ਨਾਮ ਤੇ ਹੈ। ਮੇਰਾ ਵਹੀਕਲ ਨੰਬਰ ਪੀਬੀ-65-ਏ-5777 ਟਰਾਂਸਫਰ ਕਰਵਾਉਣ ਲਈ ਹੈ। ਜੇਕਰ ਕਿਸੇ ਨੂੰ ਇਤਰਾਜ਼ ਹੋਵੇ ਤਾਂ 15 ਦਿਨਾਂ ਦੇ ਅੰਦਰ ਸੰਪਰਕ ਕਰੇ।
For Sale...
Available for sale Eicher 333 Tractor, Model 2023, PB-04-AE-9872 Sundaram Finance Ltd, Faridkot-9288040259, 01639-253760
Lost Notice...
I, Dharampal S/o Ram Singh R/o Magazine Mohalla (Sangrur) declare that my original Sale Deed No. 90 dated 19-04-2000 in favour of Bhagat Singh S/o Ram Singh with Registrar Sangrur has been lost in Sangrur Distt. Sangrur dated 10-03-2025. If anybody found then contact at my above address/Mobile No. 9888877002.
ਜਨਤਕ ਨੋਟਿਸ
ਅਦਾਲਤ ਤਹਿਸੀਲਦਾਰ, ਲੁਧਿਆਣਾ
ਸਾਰੇ ਸਬੰਧਤ ਵਿਅਕਤੀਆਂ ਨੂੰ ਸੂਚਿਤ ਕੀਤਾ ਜਾਂਦਾ ਹੈ ਕਿ ਹੇਠ ਲਿਖੇ ਵਾਰਸਾਂ ਨੇ ਵਿਰਾਸਤ ਦਾ ਇੰਤਕਾਲ ਦਰਜ ਕਰਨ ਲਈ ਦਰਖਾਸਤ ਦਿੱਤੀ ਹੈ। ਮਿਤੀ 20-02-2024 ਨੂੰ ਪੇਸ਼ ਹੋਵੇ।
ਲੜੀ ਨੰ:	ਨਾਮ	ਮ੍ਰਿਤਕ ਨਾਲ ਰਿਸ਼ਤਾ	ਰਿਸ਼ਤਾ
1	ਕੁਲਦੀਪ ਕੌਰ	ਪਤਨੀ	Widow
2	ਮਨਜੀਤ ਸਿੰਘ	ਪੁੱਤਰ	Minor
3	ਰਿਸ਼ੂ	ਪੁੱਤਰ	Minor
ਜੇਕਰ ਕਿਸੇ ਨੂੰ ਇਤਰਾਜ਼ ਹੋਵੇ ਤਾਂ ਉਹ ਇਸ ਨੋਟਿਸ ਦੇ ਛਪਣ ਤੋਂ 15 ਦਿਨਾਂ ਦੇ ਅੰਦਰ ਹਾਜ਼ਰ ਹੋ ਕੇ ਆਪਣਾ ਇਤਰਾਜ਼ ਦਰਜ ਕਰਵਾ ਸਕਦਾ ਹੈ।
ਤਹਿਸੀਲਦਾਰ ਲੁਧਿਆਣਾ
ਬਾ ਅਦਾਲਤ
ਸ੍ਰੀ ਗੁਰਪ੍ਰੀਤ ਸਿੰਘ ਪੀ.ਸੀ.ਐਸ ਉਪ ਮੰਡਲ ਮੈਜਿਸਟ੍ਰੇਟ ਪਟਿਆਲਾ। ਕੇਸ ਨੰ 05/ਆਰਸੀਐਸ। ਅਗਲੀ ਤਾਰੀਖ: 13-02-2025। ਮਨਜੀਤ ਸਿੰਘ ਵਾਸੀ ਪਿੰਡ ਮਾਲੋਵਾਲ ਬਨਾਮ ਆਮ ਜਨਤਾ। ਇਸ ਲਈ ਆਮ ਜਨਤਾ ਨੂੰ ਸੂਚਿਤ ਕੀਤਾ ਜਾਂਦਾ ਹੈ ਕਿ ਜੇਕਰ ਕਿਸੇ ਨੂੰ ਇਤਰਾਜ਼ ਹੋਵੇ ਤਾਂ ਮਿਤੀ 04-04-2025 ਨੂੰ ਹਾਜ਼ਰ ਹੋਵੇ।
ਅਦਾਲਤੀ ਇਸ਼ਤਿਹਾਰ
ਬਅਦਾਲਤ ਸ੍ਰੀ ਅਜੇ ਅਰੋੜਾ ਪੀ.ਸੀ.ਐਸ ਸਿਵਲ ਜੱਜ। ਕੇਸ ਨੰ 17-ਸੀ। ਗੁਰਪ੍ਰੀਤ ਸਿੰਘ ਬਨਾਮ ਗੁਰਦੀਪ ਸਿੰਘ। ਮਿਤੀ 11-03-2025। ਇਸ ਲਈ ਤੁਹਾਨੂੰ ਇਸ ਇਸ਼ਤਿਹਾਰ ਰਾਹੀਂ ਸੂਚਿਤ ਕੀਤਾ ਜਾਂਦਾ ਹੈ ਕਿ ਮਿਤੀ 24-03-2025 ਨੂੰ ਸਵੇਰੇ 10.00 ਵਜੇ ਹਾਜ਼ਰ ਹੋਵੋ।
PUBLIC NOTICE TO APPEAR / ATTEND PROCEEDINGS OF DISTRICT LEVEL MSEFC, PATIALA (PUNJAB)
Through this publication this is for constructive notice for respondent M/s Impact Industry, Shop No. 7041, Mohalla Mata Raj Kaur, Manimajra, Chandigarh-160101 through its Proprietor/DP/Chairman/Principal Officer. The claimant is M/s Bansal Trading Co., C-15, Focal Point, Nabha. The hearing is fixed for 22.03.2025 at 12 PM at Office of District Industries Centre, Patiala.
Member Secretary, MSEFC, Patiala
Public Notice
Original Previous Sale Deed No. 11777 dated 28.11.2018, executed by Kusum Goyal W/o Mahinder Goyal in favour of Ashok Kumar S/o Ganga Vishnu, regarding Plot measuring 05 Kanals 04½ Marlas, which is 17135 share of property measuring 10 Kanal 19 Marlas situated at Village Sarwali, District Ludhiana has been lost. If any person has any claim or objection, kindly contact within 7 days.
ਆਮ ਜਨਤਾ
ਸ੍ਰੀ ਸਬ ਰਜਿਸਟਰਾਰ ਪਟਿਆਲਾ। ਇਸ ਲਈ ਆਮ ਜਨਤਾ ਨੂੰ ਸੂਚਿਤ ਕੀਤਾ ਜਾਂਦਾ ਹੈ ਕਿ ਸਬੰਧਤ ਵਿਅਕਤੀ ਮਿਤੀ 31-03-2025 ਨੂੰ ਸਵੇਰੇ 11 ਵਜੇ ਹਾਜ਼ਰ ਹੋਣ। ਅਸ਼ਟਾਮ ਨੰਬਰ 2023-24 ਰਾਹੀਂ 57050/- ਰੁਪਏ ਅਦਾ ਕੀਤੇ ਗਏ ਸਨ।
ਸ੍ਰੀ ਸਬ ਰਜਿਸਟਰਾਰ
Public Notice
It is informed for General Public that Harminder Singh S/o Inderjit Singh is owner of property measuring 200 Sq. Yds. out of Khasra No. 83/16, 84/21 Village Bhandari Kalan, Tehsil & Distt. Ludhiana, vide sale deed vasika no. 7257 dated 21.10.2024. The owner has lost the original sale deed. If any person has any claim contact within 7 days.
ਇਸ਼ਤਿਹਾਰਾਂ ਸਬੰਧੀ ਜ਼ਰੂਰੀ ਬੇਨਤੀ
'ਅਦਾਰਾ ਹੱਕ ਸੱਚ ਦਾ ਪਹਿਰੇਦਾਰ' ਆਪਣੇ ਵਿੱਚ ਛਪਣ ਵਾਲੇ ਇਸ਼ਤਿਹਾਰਾਂ ਅਤੇ ਕਲਾਸੀਫਾਈਡ ਦੇ ਤੱਥਾਂ ਦੀ ਜ਼ਿੰਮੇਵਾਰੀ ਨਹੀਂ ਲੈਂਦਾ। ਪਾਠਕ ਇਸ਼ਤਿਹਾਰ ਦੇਣ ਵਾਲੇ ਨਾਲ ਖ਼ੁਦ ਪੜਤਾਲ ਕਰਕੇ ਹੀ ਕੋਈ ਲੈਣ-ਦੇਣ ਕਰਨ।
ਮੈਨੇਜਰ
ਮੋਟਰ ਕੁਨੈਕਸ਼ਨ...
ਇੱਕ ਬਿਜਲੀ ਦੀ ਮੋਟਰ ਕੁਨੈਕਸ਼ਨ ਖਾਤਾ ਨੰਬਰ DK 60 ਏ ਪੀ, ਲੋਡ 15 BHP ਜੋ ਕਿ ਮੇਰੇ ਪਿਤਾ ਜੀ ਦੇ ਨਾਮ ਤੇ ਹੈ, ਮੈਂ ਆਪਣੇ ਨਾਮ ਤੇ ਤਬਦੀਲ ਕਰਵਾਉਣਾ ਚਾਹੁੰਦਾ ਹਾਂ। ਜੇਕਰ ਕਿਸੇ ਨੂੰ ਇਤਰਾਜ਼ ਹੋਵੇ ਤਾਂ 15 ਦਿਨਾਂ ਦੇ ਅੰਦਰ ਸੰਪਰਕ ਕਰੇ। ਮੋਬਾ: 3003159605
ਆਮ ਸੂਚਨਾ
ਮੈਂ, KIRANJEET KAUR ਉਰਫ਼ MEENAKSHI ਪਤਨੀ ਕਮਲਜੀਤ ਸਿੰਘ ਵਾਸੀ ਮਕਾਨ ਨੰ 3809 ਰਣਜੀਤ ਨਗਰ ਆਪਣਾ ਨਾਮ ਬਦਲ ਲਿਆ ਹੈ।
ਮੈਂ ਅਮਰਜੀਤ ਕੌਰ ਪਤਨੀ ਸਵ. ਮਨਿੰਦਰ ਸਿੰਘ ਵਾਸੀ ਪਿੰਡ ਨੇ ਆਪਣੀ ਜਨਮ ਮਿਤੀ ਦਰੁਸਤ ਕਰਵਾਈ ਹੈ।
I Satnam Korotania S/o Thakur Korotania R/o Village Mehlanwali Distt Hoshiarpur Declare that my Father name Wrongly Mentioned as Thakur Singh In PNB Met Life Policy But Correct name of my Father is Thakur Korotania. Concerned Note
I, GURPINDER KAUR am legally wife of No. JC-511234M Rank SUB Name Chamkaur Singh presently residing at Village Gandhar, PO. Bhagsar, Tehsil and District Sri Muktsar Sahib, Punjab. That my Correct Date of Birth 28-04-1980 as correctly recorded in my Aadhaar Card, Pan Card as well as in school certificate. That in my husband's Army Service Record, my date of birth has wrongly been recorded 06-07-1983 instead of 28-04-1980. That I am producing this notice to concerned Army Authorities for the purpose of evidence my correct Date of Birth and for making necessary correction of my Date of Birth.
ਇਸ਼ਤਿਹਾਰ ਅਤੇ ਕਲਾਸੀਫਾਈਡ ਕੇਵਲ ਅਦਾਰਾ 'ਪਹਿਰੇਦਾਰ' ਦੀ ਈ-ਮੇਲ	rozanapehredaradvt@gmail.com 'ਤੇ ਹੀ ਭੇਜੇ ਜਾਣ।
